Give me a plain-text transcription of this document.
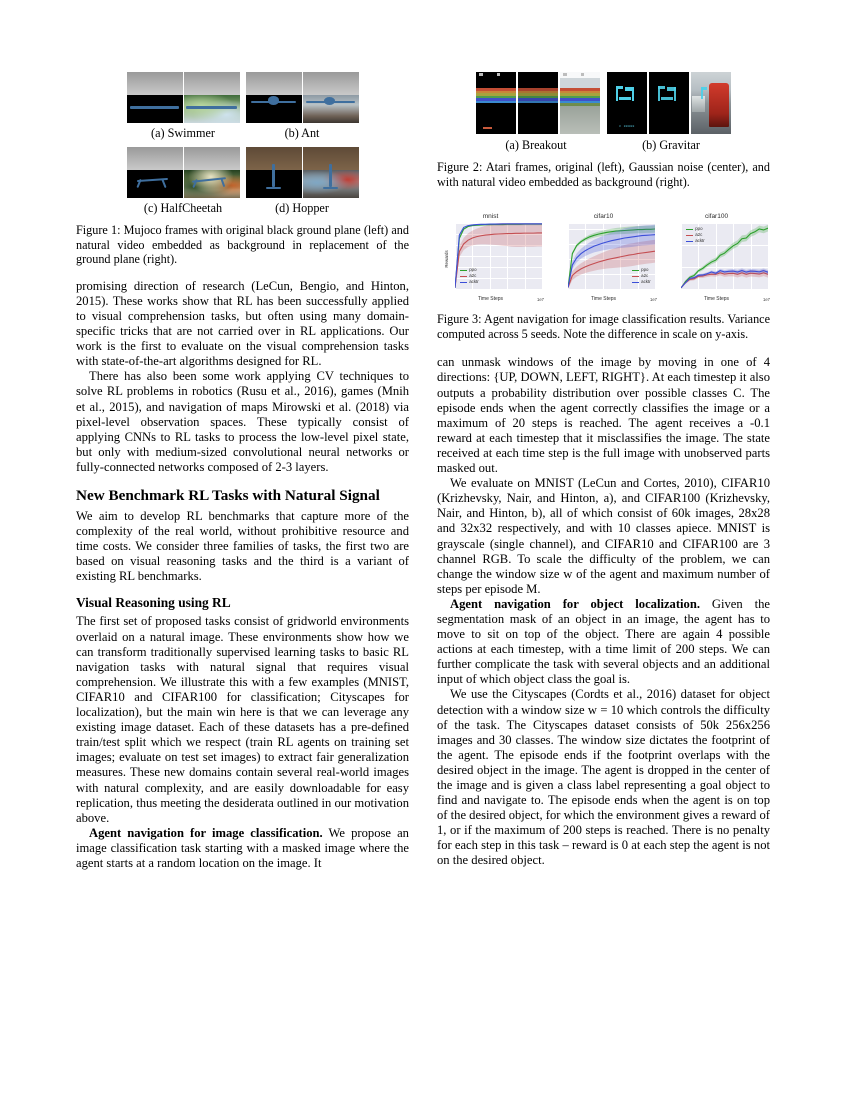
(a) Swimmer	(b) Ant
(c) HalfCheetah	(d) Hopper
Figure 1: Mujoco frames with original black ground plane (left) and natural video embedded as background in replacement of the ground plane (right).

promising direction of research (LeCun, Bengio, and Hinton, 2015). These works show that RL has been successfully applied to visual comprehension tasks, but often using many domain-specific tricks that are not carried over in RL applications. Our work is the first to evaluate on the visual comprehension tasks with state-of-the-art algorithms designed for RL.

There has also been some work applying CV techniques to solve RL problems in robotics (Rusu et al., 2016), games (Mnih et al., 2015), and navigation of maps Mirowski et al. (2018) via pixel-level observation spaces. These typically consist of applying CNNs to RL tasks to process the low-level pixel state, but only with medium-sized convolutional neural networks or fully-connected networks composed of 2-3 layers.

New Benchmark RL Tasks with Natural Signal

We aim to develop RL benchmarks that capture more of the complexity of the real world, without prohibitive resource and time costs. We consider three families of tasks, the first two are based on visual reasoning tasks and the third is a variant of existing RL benchmarks.

Visual Reasoning using RL

The first set of proposed tasks consist of gridworld environments overlaid on a natural image. These environments show how we can transform traditionally supervised learning tasks to basic RL navigation tasks with natural signal that requires visual comprehension. We illustrate this with a few examples (MNIST, CIFAR10 and CIFAR100 for classification; Cityscapes for localization), but the main win here is that we can leverage any existing image dataset. Each of these datasets has a pre-defined train/test split which we respect (train RL agents on training set images; evaluate on test set images) to extract fair generalization measures. These new domains contain several real-world images with natural complexity, and are easily downloadable for easy replication, thus meeting the desiderata outlined in our motivation above.

Agent navigation for image classification. We propose an image classification task starting with a masked image where the agent starts at a random location on the image. It

C 00000
(a) Breakout	(b) Gravitar
Figure 2: Atari frames, original (left), Gaussian noise (center), and with natural video embedded as background (right).
mnist
ppo
a2c
acktr
Time Steps
Rewards
1e7
cifar10
ppo
a2c
acktr
Time Steps	1e7
cifar100
ppo
a2c
acktr
Time Steps	1e7
Figure 3: Agent navigation for image classification results. Variance computed across 5 seeds. Note the difference in scale on y-axis.

can unmask windows of the image by moving in one of 4 directions: {UP, DOWN, LEFT, RIGHT}. At each timestep it also outputs a probability distribution over possible classes C. The episode ends when the agent correctly classifies the image or a maximum of 20 steps is reached. The agent receives a -0.1 reward at each timestep that it misclassifies the image. The state received at each time step is the full image with unobserved parts masked out.

We evaluate on MNIST (LeCun and Cortes, 2010), CIFAR10 (Krizhevsky, Nair, and Hinton, a), and CIFAR100 (Krizhevsky, Nair, and Hinton, b), all of which consist of 60k images, 28x28 and 32x32 respectively, and with 10 classes apiece. MNIST is grayscale (single channel), and CIFAR10 and CIFAR100 are 3 channel RGB. To scale the difficulty of the problem, we can change the window size w of the agent and maximum number of steps per episode M.

Agent navigation for object localization. Given the segmentation mask of an object in an image, the agent has to move to sit on top of the object. There are again 4 possible actions at each timestep, with a time limit of 200 steps. We can further complicate the task with several objects and an additional input of which object class the goal is.

We use the Cityscapes (Cordts et al., 2016) dataset for object detection with a window size w = 10 which controls the difficulty of the task. The Cityscapes dataset consists of 50k 256x256 images and 30 classes. The window size dictates the footprint of the agent. The episode ends if the footprint overlaps with the desired object in the image. The agent is dropped in the center of the image and is given a class label representing a goal object to find and navigate to. The episode ends when the agent is on top of the desired object, for which the environment gives a reward of 1, or if the maximum of 200 steps is reached. There is no penalty for each step in this task – reward is 0 at each step the agent is not on the desired object.
